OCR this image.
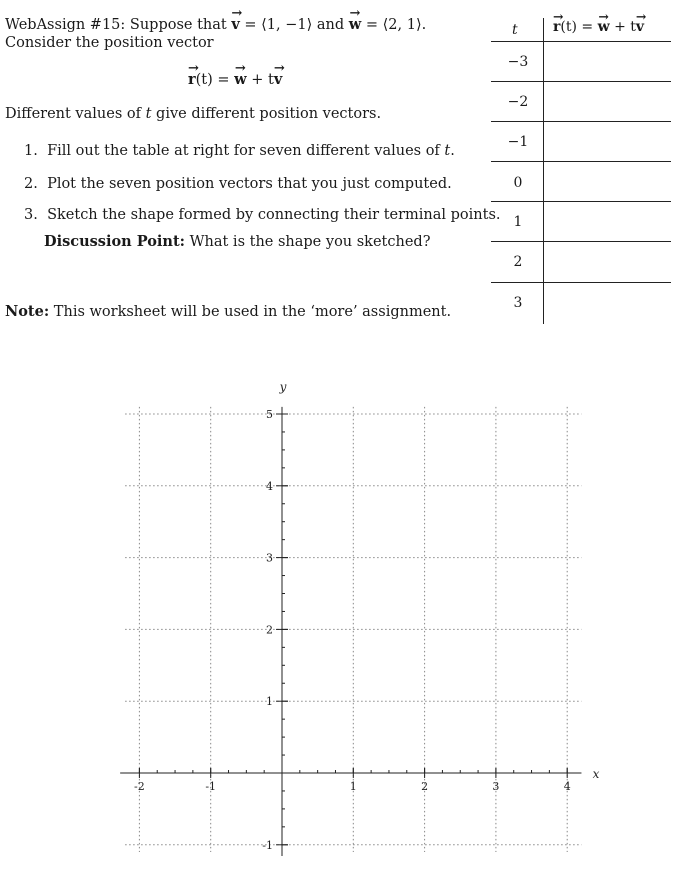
WebAssign #15: Suppose that v → = ⟨1, −1⟩ and w → = ⟨2, 1⟩.
Consider the position vector
r →(t) = w → + tv →
Different values of t give different position vectors.
1. Fill out the table at right for seven different values of t.
2. Plot the seven position vectors that you just computed.
3. Sketch the shape formed by connecting their terminal points.
Discussion Point: What is the shape you sketched?
Note: This worksheet will be used in the ‘more’ assignment.
t	r →(t) = w → + tv →
−3
−2
−1
0
1
2
3
-2	-1	1	2	3	4
5
4
3
2
1
-1
x
y
